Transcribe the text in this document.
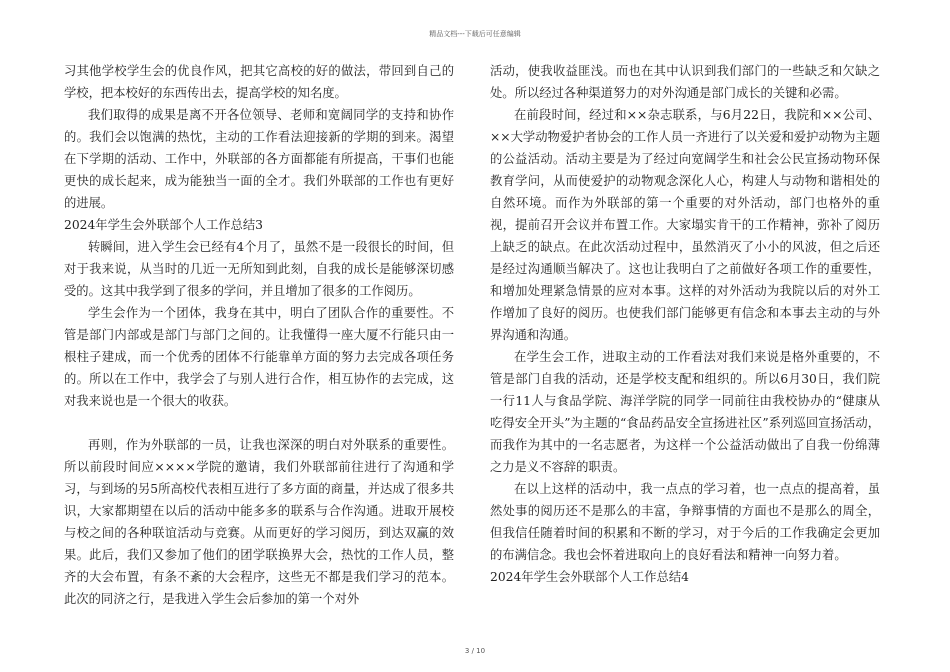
精品文档---下载后可任意编辑

习其他学校学生会的优良作风，把其它高校的好的做法，带回到自己的学校，把本校好的东西传出去，提高学校的知名度。

我们取得的成果是离不开各位领导、老师和宽阔同学的支持和协作的。我们会以饱满的热忱，主动的工作看法迎接新的学期的到来。渴望在下学期的活动、工作中，外联部的各方面都能有所提高，干事们也能更快的成长起来，成为能独当一面的全才。我们外联部的工作也有更好的进展。

2024年学生会外联部个人工作总结3

转瞬间，进入学生会已经有4个月了，虽然不是一段很长的时间，但对于我来说，从当时的几近一无所知到此刻，自我的成长是能够深切感受的。这其中我学到了很多的学问，并且增加了很多的工作阅历。

学生会作为一个团体，我身在其中，明白了团队合作的重要性。不管是部门内部或是部门与部门之间的。让我懂得一座大厦不行能只由一根柱子建成，而一个优秀的团体不行能靠单方面的努力去完成各项任务的。所以在工作中，我学会了与别人进行合作，相互协作的去完成，这对我来说也是一个很大的收获。

再则，作为外联部的一员，让我也深深的明白对外联系的重要性。所以前段时间应××××学院的邀请，我们外联部前往进行了沟通和学习，与到场的另5所高校代表相互进行了多方面的商量，并达成了很多共识，大家都期望在以后的活动中能多多的联系与合作沟通。进取开展校与校之间的各种联谊活动与竞赛。从而更好的学习阅历，到达双赢的效果。此后，我们又参加了他们的团学联换界大会，热忱的工作人员，整齐的大会布置，有条不紊的大会程序，这些无不都是我们学习的范本。此次的同济之行，是我进入学生会后参加的第一个对外

活动，使我收益匪浅。而也在其中认识到我们部门的一些缺乏和欠缺之处。所以经过各种渠道努力的对外沟通是部门成长的关键和必需。

在前段时间，经过和××杂志联系，与6月22日，我院和××公司、××大学动物爱护者协会的工作人员一齐进行了以关爱和爱护动物为主题的公益活动。活动主要是为了经过向宽阔学生和社会公民宣扬动物环保教育学问，从而使爱护的动物观念深化人心，构建人与动物和谐相处的自然环境。而作为外联部的第一个重要的对外活动，部门也格外的重视，提前召开会议并布置工作。大家塌实肯干的工作精神，弥补了阅历上缺乏的缺点。在此次活动过程中，虽然消灭了小小的风波，但之后还是经过沟通顺当解决了。这也让我明白了之前做好各项工作的重要性，和增加处理紧急情景的应对本事。这样的对外活动为我院以后的对外工作增加了良好的阅历。也使我们部门能够更有信念和本事去主动的与外界沟通和沟通。

在学生会工作，进取主动的工作看法对我们来说是格外重要的，不管是部门自我的活动，还是学校支配和组织的。所以6月30日，我们院一行11人与食品学院、海洋学院的同学一同前往由我校协办的“健康从吃得安全开头”为主题的“食品药品安全宣扬进社区”系列巡回宣扬活动，而我作为其中的一名志愿者，为这样一个公益活动做出了自我一份绵薄之力是义不容辞的职责。

在以上这样的活动中，我一点点的学习着，也一点点的提高着，虽然处事的阅历还不是那么的丰富，争辩事情的方面也不是那么的周全，但我信任随着时间的积累和不断的学习，对于今后的工作我确定会更加的布满信念。我也会怀着进取向上的良好看法和精神一向努力着。

2024年学生会外联部个人工作总结4

3 / 10
